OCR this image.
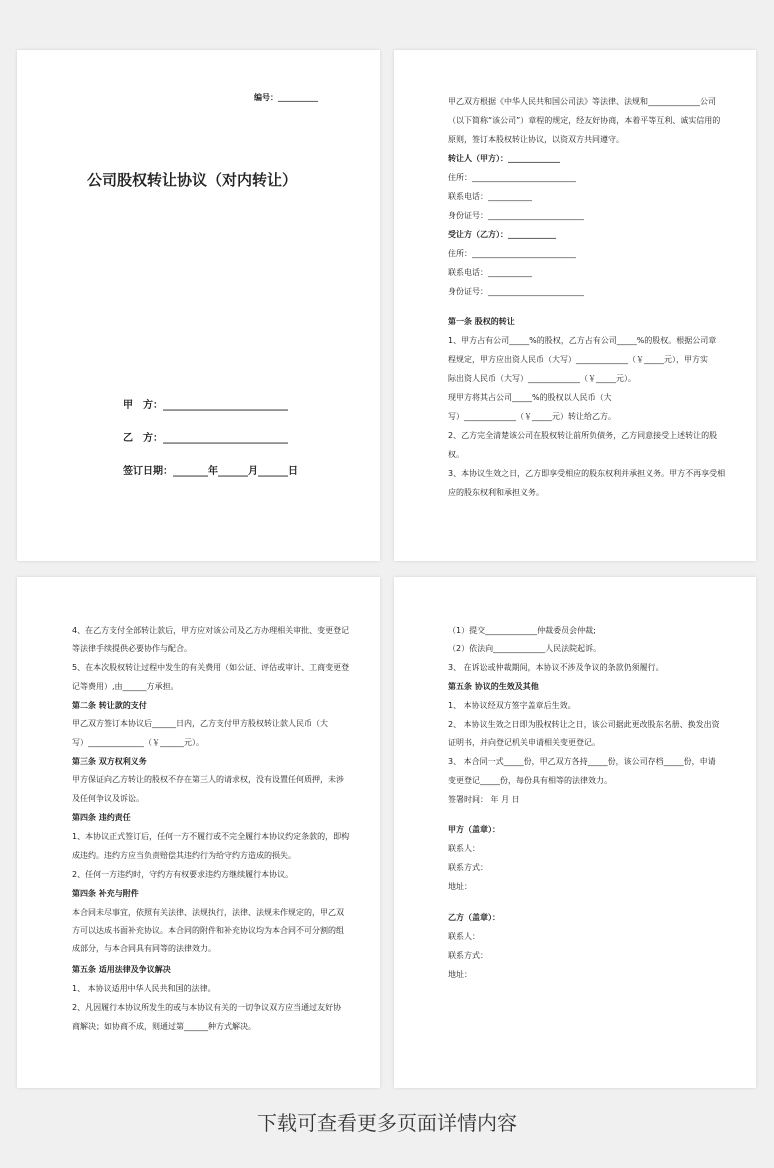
编号：__________
公司股权转让协议（对内转让）
甲　方：_________________________
乙　方：_________________________
签订日期：_______年______月______日
甲乙双方根据《中华人民共和国公司法》等法律、法规和_____________公司
（以下简称“该公司”）章程的规定，经友好协商，本着平等互利、诚实信用的
原则，签订本股权转让协议，以资双方共同遵守。
转让人（甲方）：_____________
住所：__________________________
联系电话：___________
身份证号：________________________
受让方（乙方）：____________
住所：__________________________
联系电话：___________
身份证号：________________________
第一条 股权的转让
1、甲方占有公司_____%的股权，乙方占有公司_____%的股权。根据公司章
程规定，甲方应出资人民币（大写）_____________（￥_____元），甲方实
际出资人民币（大写）_____________（￥_____元）。
现甲方将其占公司_____%的股权以人民币（大
写）_____________（￥_____元）转让给乙方。
2、乙方完全清楚该公司在股权转让前所负债务，乙方同意接受上述转让的股
权。
3、本协议生效之日，乙方即享受相应的股东权利并承担义务。甲方不再享受相
应的股东权利和承担义务。
4、在乙方支付全部转让款后，甲方应对该公司及乙方办理相关审批、变更登记
等法律手续提供必要协作与配合。
5、在本次股权转让过程中发生的有关费用（如公证、评估或审计、工商变更登
记等费用）,由______方承担。
第二条 转让款的支付
甲乙双方签订本协议后______日内，乙方支付甲方股权转让款人民币（大
写）______________（￥______元）。
第三条 双方权利义务
甲方保证向乙方转让的股权不存在第三人的请求权，没有设置任何质押，未涉
及任何争议及诉讼。
第四条 违约责任
1、本协议正式签订后，任何一方不履行或不完全履行本协议约定条款的，即构
成违约。违约方应当负责赔偿其违约行为给守约方造成的损失。
2、任何一方违约时，守约方有权要求违约方继续履行本协议。
第四条 补充与附件
本合同未尽事宜，依照有关法律、法规执行，法律、法规未作规定的，甲乙双
方可以达成书面补充协议。本合同的附件和补充协议均为本合同不可分割的组
成部分，与本合同具有同等的法律效力。
第五条 适用法律及争议解决
1、 本协议适用中华人民共和国的法律。
2、凡因履行本协议所发生的或与本协议有关的一切争议双方应当通过友好协
商解决；如协商不成，则通过第______种方式解决。
（1）提交_____________仲裁委员会仲裁;
（2）依法向_____________人民法院起诉。
3、 在诉讼或仲裁期间，本协议不涉及争议的条款仍须履行。
第五条 协议的生效及其他
1、 本协议经双方签字盖章后生效。
2、 本协议生效之日即为股权转让之日，该公司据此更改股东名册、换发出资
证明书，并向登记机关申请相关变更登记。
3、 本合同一式_____份，甲乙双方各持_____份，该公司存档_____份，申请
变更登记_____份，每份具有相等的法律效力。
签署时间： 年 月 日
甲方（盖章）：
联系人：
联系方式：
地址：
乙方（盖章）：
联系人：
联系方式：
地址：
下载可查看更多页面详情内容
